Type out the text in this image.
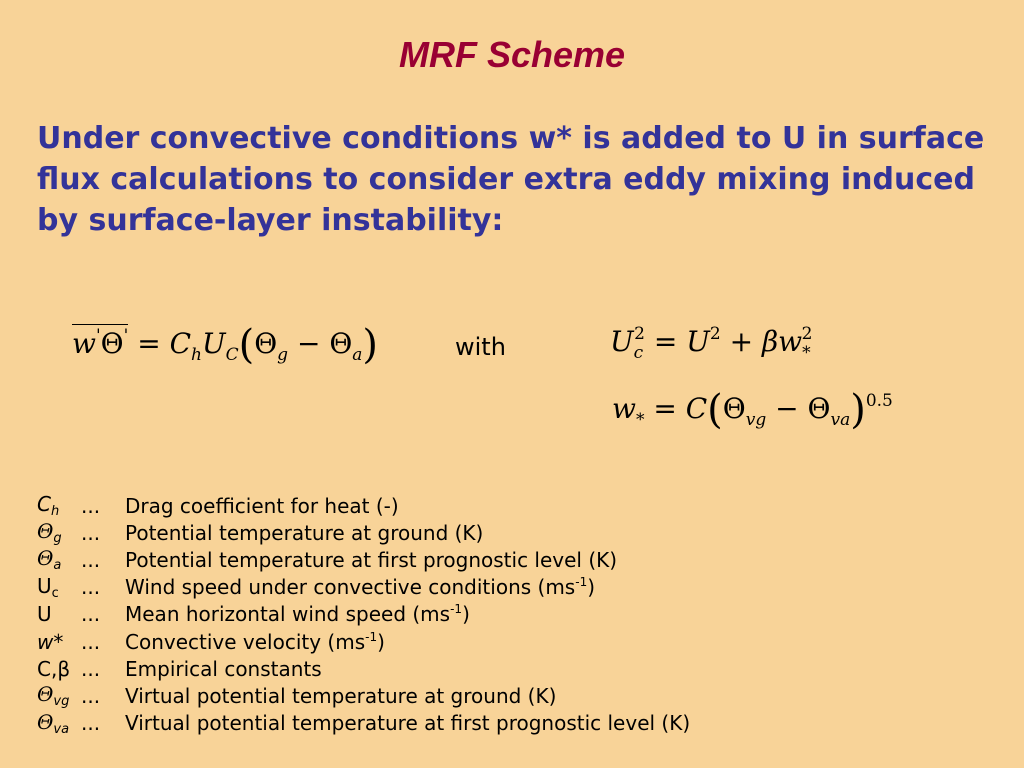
MRF Scheme
Under convective conditions w* is added to U in surface flux calculations to consider extra eddy mixing induced by surface-layer instability:
$w'\Theta' = C_hU_C(\Theta_g - \Theta_a)$	with	$U_c^2 = U^2 + \beta w_*^2$
$w_* = C(\Theta_{vg} - \Theta_{va})^{0.5}$
$C_h$	...	Drag coefficient for heat (-)
$\Theta_g$ ...	Potential temperature at ground (K)
$\Theta_a$ ...	Potential temperature at first prognostic level (K)
$U_c$	...	Wind speed under convective conditions $(ms^{-1})$
U	...	Mean horizontal wind speed $(ms^{-1})$
w* ...	Convective velocity $(ms^{-1})$
C,β ...	Empirical constants
$\Theta_{vg}$ ...	Virtual potential temperature at ground (K)
$\Theta_{va}$ ...	Virtual potential temperature at first prognostic level (K)
